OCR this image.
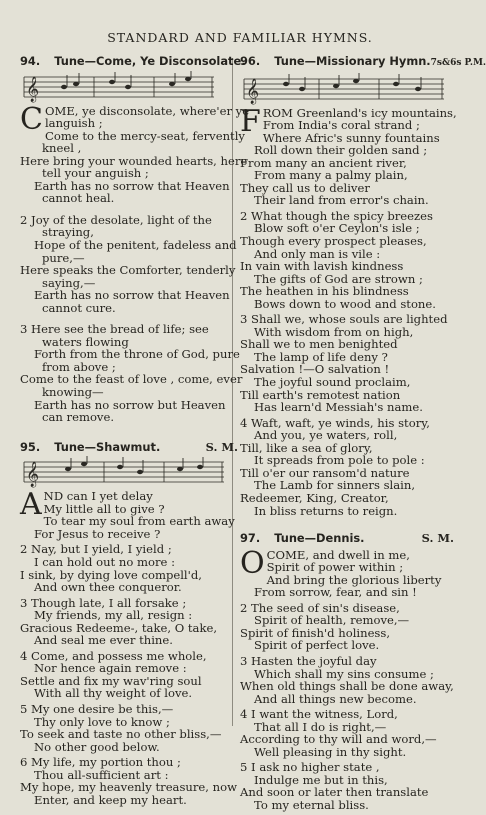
STANDARD AND FAMILIAR HYMNS.
94. Tune—Come, Ye Disconsolate.
𝄞
C OME, ye disconsolate, where'er ye
languish ;
Come to the mercy-seat, fervently
kneel ,
Here bring your wounded hearts, here
tell your anguish ;
Earth has no sorrow that Heaven
cannot heal.
2 Joy of the desolate, light of the
straying,
Hope of the penitent, fadeless and
pure,—
Here speaks the Comforter, tenderly
saying,—
Earth has no sorrow that Heaven
cannot cure.
3 Here see the bread of life; see
waters flowing
Forth from the throne of God, pure
from above ;
Come to the feast of love , come, ever
knowing—
Earth has no sorrow but Heaven
can remove.
95. Tune—Shawmut.	S. M.
𝄞
A ND can I yet delay
My little all to give ?
To tear my soul from earth away
For Jesus to receive ?
2 Nay, but I yield, I yield ;
I can hold out no more :
I sink, by dying love compell'd,
And own thee conqueror.
3 Though late, I all forsake ;
My friends, my all, resign :
Gracious Redeeme-, take, O take,
And seal me ever thine.
4 Come, and possess me whole,
Nor hence again remove :
Settle and fix my wav'ring soul
With all thy weight of love.
5 My one desire be this,—
Thy only love to know ;
To seek and taste no other bliss,—
No other good below.
6 My life, my portion thou ;
Thou all-sufficient art :
My hope, my heavenly treasure, now
Enter, and keep my heart.
96. Tune—Missionary Hymn. 7s&6s P.M.
𝄞
F ROM Greenland's icy mountains,
From India's coral strand ;
Where Afric's sunny fountains
Roll down their golden sand ;
From many an ancient river,
From many a palmy plain,
They call us to deliver
Their land from error's chain.
2 What though the spicy breezes
Blow soft o'er Ceylon's isle ;
Though every prospect pleases,
And only man is vile :
In vain with lavish kindness
The gifts of God are strown ;
The heathen in his blindness
Bows down to wood and stone.
3 Shall we, whose souls are lighted
With wisdom from on high,
Shall we to men benighted
The lamp of life deny ?
Salvation !—O salvation !
The joyful sound proclaim,
Till earth's remotest nation
Has learn'd Messiah's name.
4 Waft, waft, ye winds, his story,
And you, ye waters, roll,
Till, like a sea of glory,
It spreads from pole to pole :
Till o'er our ransom'd nature
The Lamb for sinners slain,
Redeemer, King, Creator,
In bliss returns to reign.
97. Tune—Dennis.	S. M.
O COME, and dwell in me,
Spirit of power within ;
And bring the glorious liberty
From sorrow, fear, and sin !
2 The seed of sin's disease,
Spirit of health, remove,—
Spirit of finish'd holiness,
Spirit of perfect love.
3 Hasten the joyful day
Which shall my sins consume ;
When old things shall be done away,
And all things new become.
4 I want the witness, Lord,
That all I do is right,—
According to thy will and word,—
Well pleasing in thy sight.
5 I ask no higher state ,
Indulge me but in this,
And soon or later then translate
To my eternal bliss.
